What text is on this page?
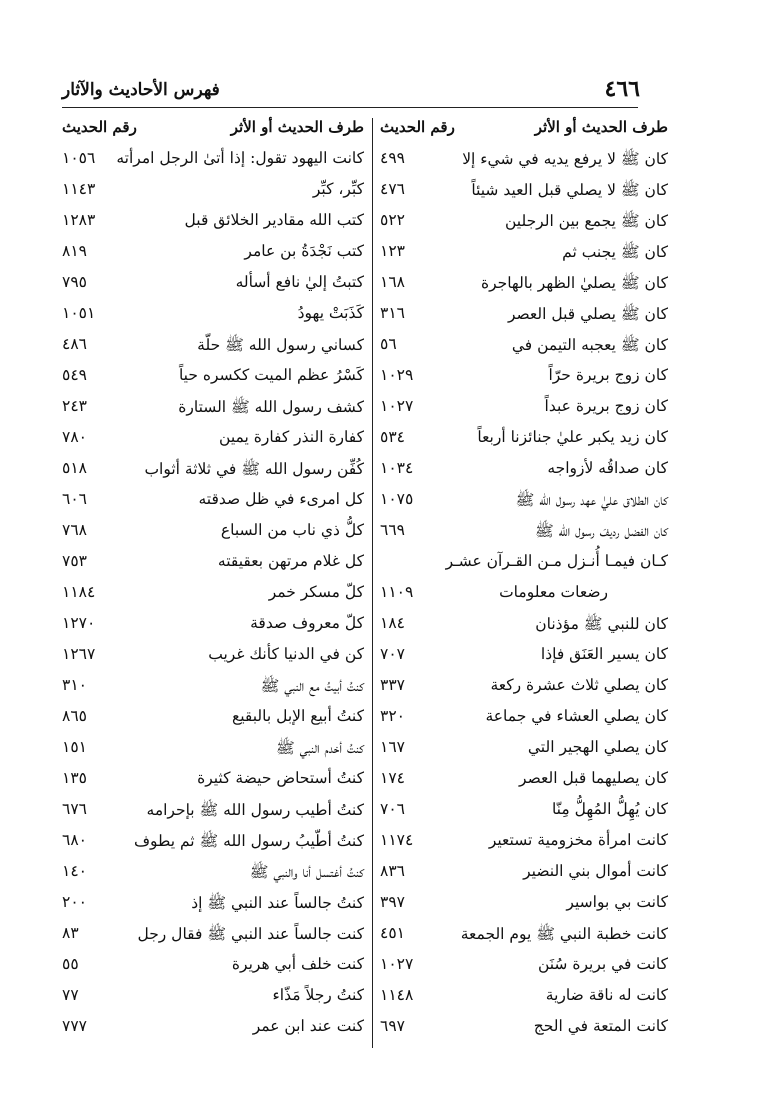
فهرس الأحاديث والآثار	٤٦٦
طرف الحديث أو الأثر
رقم الحديث
كان ﷺ لا يرفع يديه في شيء إلا
٤٩٩
كان ﷺ لا يصلي قبل العيد شيئاً
٤٧٦
كان ﷺ يجمع بين الرجلين
٥٢٢
كان ﷺ يجنب ثم
١٢٣
كان ﷺ يصليٰ الظهر بالهاجرة
١٦٨
كان ﷺ يصلي قبل العصر
٣١٦
كان ﷺ يعجبه التيمن في
٥٦
كان زوج بريرة حرّاً
١٠٢٩
كان زوج بريرة عبداً
١٠٢٧
كان زيد يكبر عليٰ جنائزنا أربعاً
٥٣٤
كان صداقُه لأزواجه
١٠٣٤
كان الطلاق عليٰ عهد رسول الله ﷺ
١٠٧٥
كان الفضل رديفَ رسول الله ﷺ
٦٦٩
كـان فيمـا أُنـزل مـن القـرآن عشـر
رضعات معلومات
١١٠٩
كان للنبي ﷺ مؤذنان
١٨٤
كان يسير العَنَق فإذا
٧٠٧
كان يصلي ثلاث عشرة ركعة
٣٣٧
كان يصلي العشاء في جماعة
٣٢٠
كان يصلي الهجير التي
١٦٧
كان يصليهما قبل العصر
١٧٤
كان يُهِلُّ المُهِلُّ مِنّا
٧٠٦
كانت امرأة مخزومية تستعير
١١٧٤
كانت أموال بني النضير
٨٣٦
كانت بي بواسير
٣٩٧
كانت خطبة النبي ﷺ يوم الجمعة
٤٥١
كانت في بريرة سُنَن
١٠٢٧
كانت له ناقة ضارية
١١٤٨
كانت المتعة في الحج
٦٩٧
طرف الحديث أو الأثر
رقم الحديث
كانت اليهود تقول: إذا أتىٰ الرجل امرأته
١٠٥٦
كبِّر، كبِّر
١١٤٣
كتب الله مقادير الخلائق قبل
١٢٨٣
كتب نَجْدَةُ بن عامر
٨١٩
كتبتُ إليٰ نافع أسأله
٧٩٥
كَذَبَتْ يهودُ
١٠٥١
كساني رسول الله ﷺ حلّة
٤٨٦
كَسْرُ عظم الميت ككسره حياً
٥٤٩
كشف رسول الله ﷺ الستارة
٢٤٣
كفارة النذر كفارة يمين
٧٨٠
كُفِّن رسول الله ﷺ في ثلاثة أثواب
٥١٨
كل امرىء في ظل صدقته
٦٠٦
كلُّ ذي ناب من السباع
٧٦٨
كل غلام مرتهن بعقيقته
٧٥٣
كلّ مسكر خمر
١١٨٤
كلّ معروف صدقة
١٢٧٠
كن في الدنيا كأنك غريب
١٢٦٧
كنتُ أبيتُ مع النبي ﷺ
٣١٠
كنتُ أبيع الإبل بالبقيع
٨٦٥
كنتُ أخدم النبي ﷺ
١٥١
كنتُ أستحاض حيضة كثيرة
١٣٥
كنتُ أطيب رسول الله ﷺ بإحرامه
٦٧٦
كنتُ أطّيبُ رسول الله ﷺ ثم يطوف
٦٨٠
كنتُ أغتسل أنا والنبي ﷺ
١٤٠
كنتُ جالساً عند النبي ﷺ إذ
٢٠٠
كنت جالساً عند النبي ﷺ فقال رجل
٨٣
كنت خلف أبي هريرة
٥٥
كنتُ رجلاً مَذّاء
٧٧
كنت عند ابن عمر
٧٧٧
